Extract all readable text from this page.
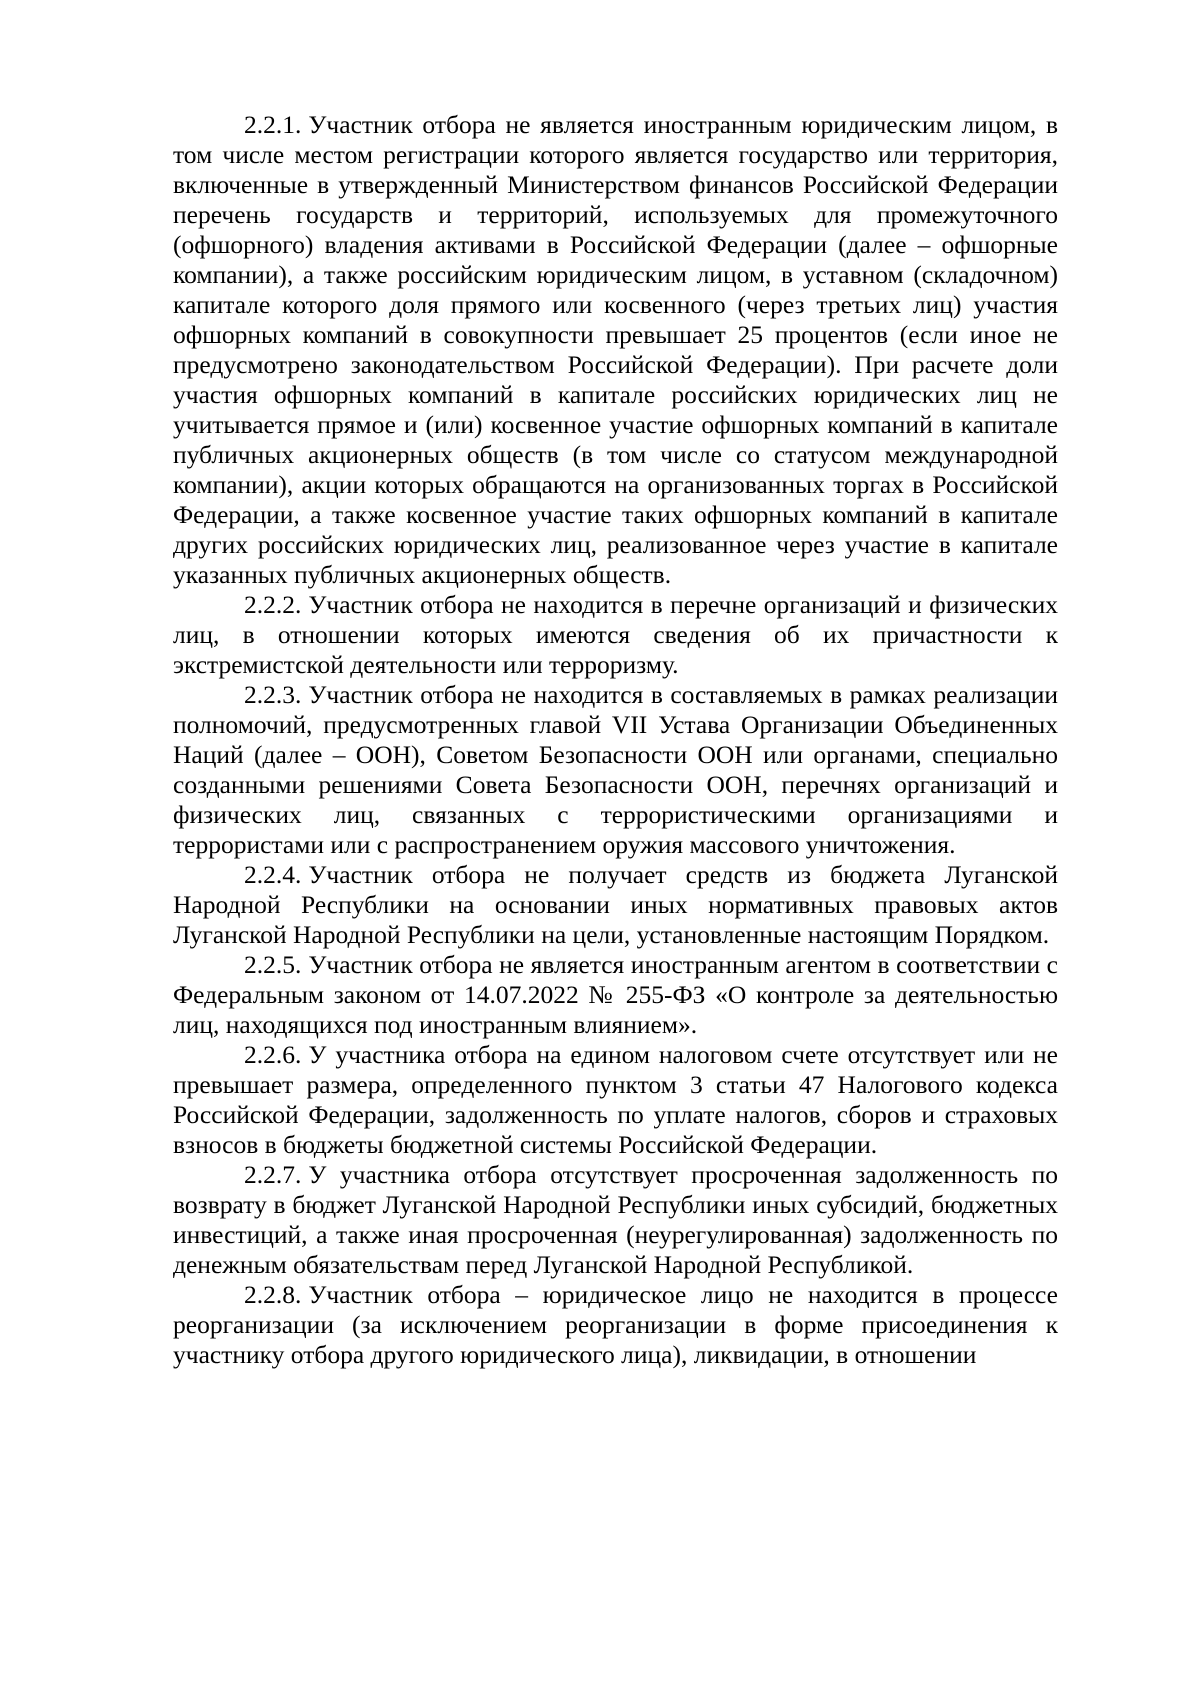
2.2.1. Участник отбора не является иностранным юридическим лицом, в том числе местом регистрации которого является государство или территория, включенные в утвержденный Министерством финансов Российской Федерации перечень государств и территорий, используемых для промежуточного (офшорного) владения активами в Российской Федерации (далее – офшорные компании), а также российским юридическим лицом, в уставном (складочном) капитале которого доля прямого или косвенного (через третьих лиц) участия офшорных компаний в совокупности превышает 25 процентов (если иное не предусмотрено законодательством Российской Федерации). При расчете доли участия офшорных компаний в капитале российских юридических лиц не учитывается прямое и (или) косвенное участие офшорных компаний в капитале публичных акционерных обществ (в том числе со статусом международной компании), акции которых обращаются на организованных торгах в Российской Федерации, а также косвенное участие таких офшорных компаний в капитале других российских юридических лиц, реализованное через участие в капитале указанных публичных акционерных обществ.

2.2.2. Участник отбора не находится в перечне организаций и физических лиц, в отношении которых имеются сведения об их причастности к экстремистской деятельности или терроризму.

2.2.3. Участник отбора не находится в составляемых в рамках реализации полномочий, предусмотренных главой VII Устава Организации Объединенных Наций (далее – ООН), Советом Безопасности ООН или органами, специально созданными решениями Совета Безопасности ООН, перечнях организаций и физических лиц, связанных с террористическими организациями и террористами или с распространением оружия массового уничтожения.

2.2.4. Участник отбора не получает средств из бюджета Луганской Народной Республики на основании иных нормативных правовых актов Луганской Народной Республики на цели, установленные настоящим Порядком.

2.2.5. Участник отбора не является иностранным агентом в соответствии с Федеральным законом от 14.07.2022 № 255-ФЗ «О контроле за деятельностью лиц, находящихся под иностранным влиянием».

2.2.6. У участника отбора на едином налоговом счете отсутствует или не превышает размера, определенного пунктом 3 статьи 47 Налогового кодекса Российской Федерации, задолженность по уплате налогов, сборов и страховых взносов в бюджеты бюджетной системы Российской Федерации.

2.2.7. У участника отбора отсутствует просроченная задолженность по возврату в бюджет Луганской Народной Республики иных субсидий, бюджетных инвестиций, а также иная просроченная (неурегулированная) задолженность по денежным обязательствам перед Луганской Народной Республикой.

2.2.8. Участник отбора – юридическое лицо не находится в процессе реорганизации (за исключением реорганизации в форме присоединения к участнику отбора другого юридического лица), ликвидации, в отношении
